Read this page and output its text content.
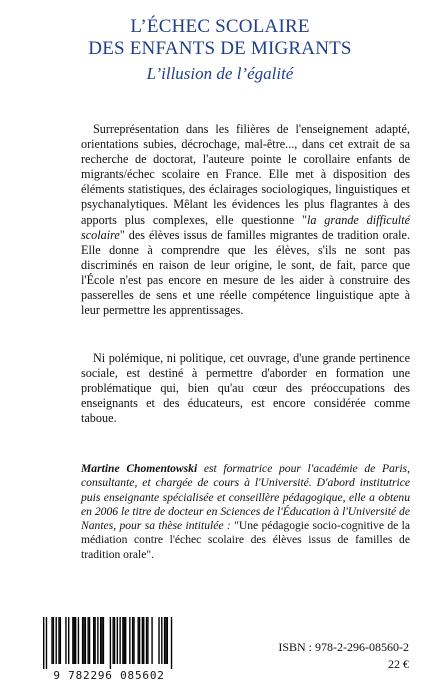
L’ÉCHEC SCOLAIRE
DES ENFANTS DE MIGRANTS
L’illusion de l’égalité

Surreprésentation dans les filières de l'enseignement adapté, orientations subies, décrochage, mal-être..., dans cet extrait de sa recherche de doctorat, l'auteure pointe le corollaire enfants de migrants/échec scolaire en France. Elle met à disposition des éléments statistiques, des éclairages sociologiques, linguistiques et psychanalytiques. Mêlant les évidences les plus flagrantes à des apports plus complexes, elle questionne "la grande difficulté scolaire" des élèves issus de familles migrantes de tradition orale. Elle donne à comprendre que les élèves, s'ils ne sont pas discriminés en raison de leur origine, le sont, de fait, parce que l'École n'est pas encore en mesure de les aider à construire des passerelles de sens et une réelle compétence linguistique apte à leur permettre les apprentissages.

Ni polémique, ni politique, cet ouvrage, d'une grande pertinence sociale, est destiné à permettre d'aborder en formation une problématique qui, bien qu'au cœur des préoccupations des enseignants et des éducateurs, est encore considérée comme taboue.

Martine Chomentowski est formatrice pour l'académie de Paris, consultante, et chargée de cours à l'Université. D'abord institutrice puis enseignante spécialisée et conseillère pédagogique, elle a obtenu en 2006 le titre de docteur en Sciences de l'Éducation à l'Université de Nantes, pour sa thèse intitulée : "Une pédagogie socio-cognitive de la médiation contre l'échec scolaire des élèves issus de familles de tradition orale".

9 782296 085602
ISBN : 978-2-296-08560-2
22 €
